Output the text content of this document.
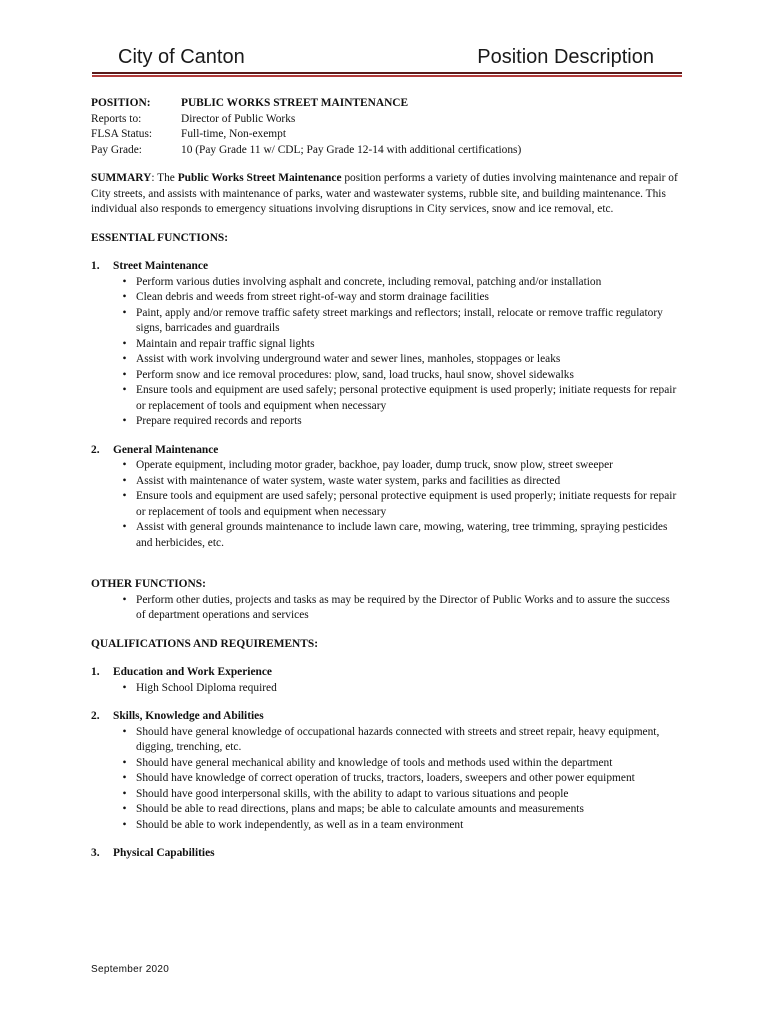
City of Canton	Position Description
POSITION:	PUBLIC WORKS STREET MAINTENANCE
Reports to:	Director of Public Works
FLSA Status:	Full-time, Non-exempt
Pay Grade:	10 (Pay Grade 11 w/ CDL; Pay Grade 12-14 with additional certifications)

SUMMARY: The Public Works Street Maintenance position performs a variety of duties involving maintenance and repair of City streets, and assists with maintenance of parks, water and wastewater systems, rubble site, and building maintenance. This individual also responds to emergency situations involving disruptions in City services, snow and ice removal, etc.

ESSENTIAL FUNCTIONS:
1.	Street Maintenance
• Perform various duties involving asphalt and concrete, including removal, patching and/or installation
• Clean debris and weeds from street right-of-way and storm drainage facilities
• Paint, apply and/or remove traffic safety street markings and reflectors; install, relocate or remove traffic regulatory signs, barricades and guardrails
• Maintain and repair traffic signal lights
• Assist with work involving underground water and sewer lines, manholes, stoppages or leaks
• Perform snow and ice removal procedures: plow, sand, load trucks, haul snow, shovel sidewalks
• Ensure tools and equipment are used safely; personal protective equipment is used properly; initiate requests for repair or replacement of tools and equipment when necessary
• Prepare required records and reports
2.	General Maintenance
• Operate equipment, including motor grader, backhoe, pay loader, dump truck, snow plow, street sweeper
• Assist with maintenance of water system, waste water system, parks and facilities as directed
• Ensure tools and equipment are used safely; personal protective equipment is used properly; initiate requests for repair or replacement of tools and equipment when necessary
• Assist with general grounds maintenance to include lawn care, mowing, watering, tree trimming, spraying pesticides and herbicides, etc.
OTHER FUNCTIONS:
• Perform other duties, projects and tasks as may be required by the Director of Public Works and to assure the success of department operations and services
QUALIFICATIONS AND REQUIREMENTS:
1.	Education and Work Experience
• High School Diploma required
2.	Skills, Knowledge and Abilities
• Should have general knowledge of occupational hazards connected with streets and street repair, heavy equipment, digging, trenching, etc.
• Should have general mechanical ability and knowledge of tools and methods used within the department
• Should have knowledge of correct operation of trucks, tractors, loaders, sweepers and other power equipment
• Should have good interpersonal skills, with the ability to adapt to various situations and people
• Should be able to read directions, plans and maps; be able to calculate amounts and measurements
• Should be able to work independently, as well as in a team environment
3.	Physical Capabilities
September 2020
